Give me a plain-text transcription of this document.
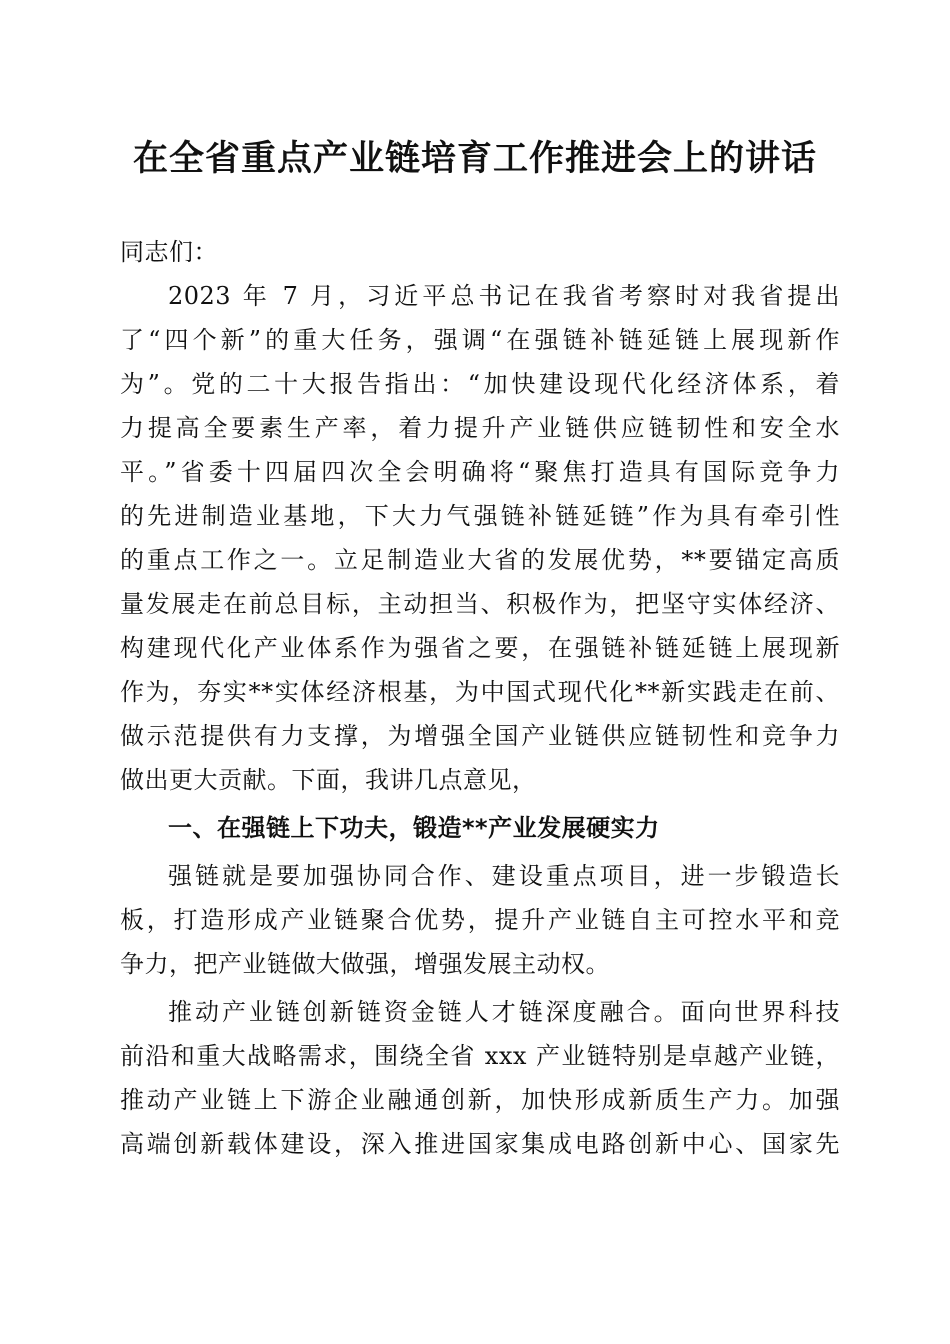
在全省重点产业链培育工作推进会上的讲话
同志们：
2023 年 7 月，习近平总书记在我省考察时对我省提出
了“四个新”的重大任务，强调“在强链补链延链上展现新作
为”。党的二十大报告指出：“加快建设现代化经济体系，着
力提高全要素生产率，着力提升产业链供应链韧性和安全水
平。”省委十四届四次全会明确将“聚焦打造具有国际竞争力
的先进制造业基地，下大力气强链补链延链”作为具有牵引性
的重点工作之一。立足制造业大省的发展优势，**要锚定高质
量发展走在前总目标，主动担当、积极作为，把坚守实体经济、
构建现代化产业体系作为强省之要，在强链补链延链上展现新
作为，夯实**实体经济根基，为中国式现代化**新实践走在前、
做示范提供有力支撑，为增强全国产业链供应链韧性和竞争力
做出更大贡献。下面，我讲几点意见，
一、在强链上下功夫，锻造**产业发展硬实力
强链就是要加强协同合作、建设重点项目，进一步锻造长
板，打造形成产业链聚合优势，提升产业链自主可控水平和竞
争力，把产业链做大做强，增强发展主动权。
推动产业链创新链资金链人才链深度融合。面向世界科技
前沿和重大战略需求，围绕全省 xxx 产业链特别是卓越产业链，
推动产业链上下游企业融通创新，加快形成新质生产力。加强
高端创新载体建设，深入推进国家集成电路创新中心、国家先
